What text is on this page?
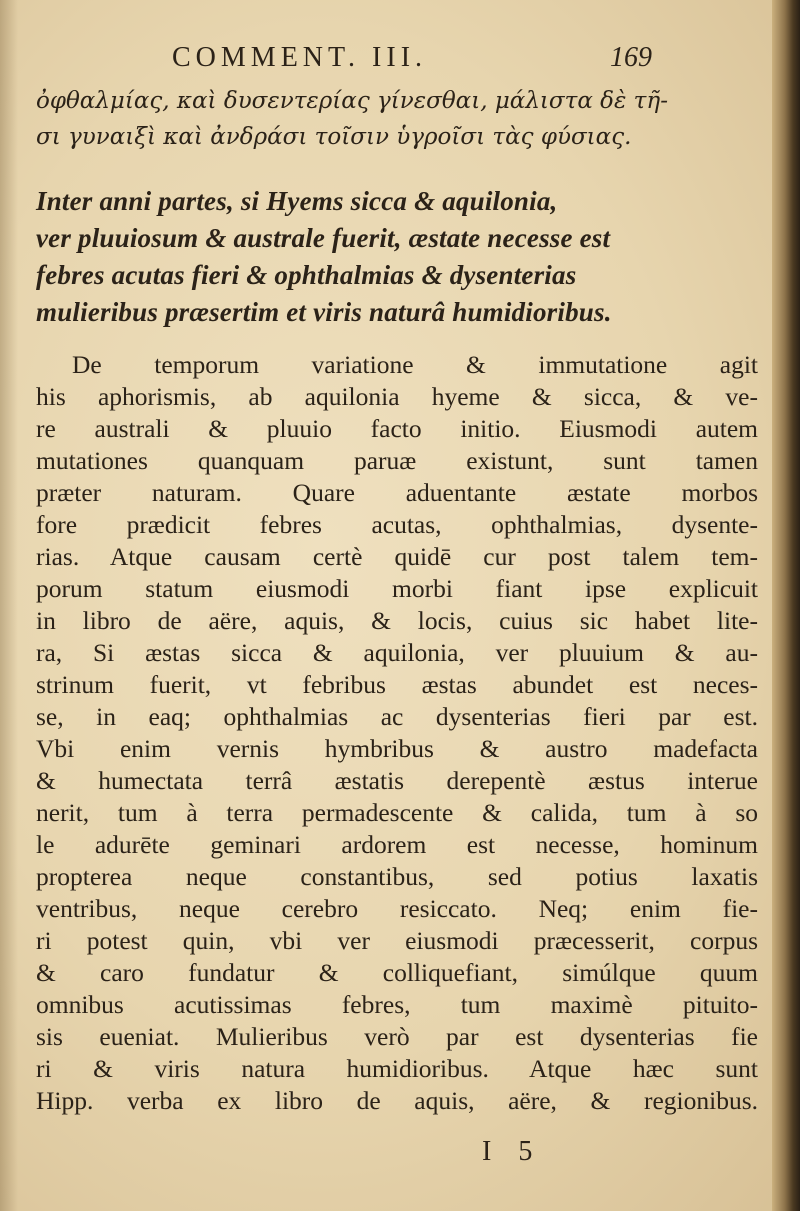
COMMENT. III.	169
ὀφθαλμίας, καὶ δυσεντερίας γίνεσθαι, μάλιστα δὲ τῆ-
σι γυναιξὶ καὶ ἀνδράσι τοῖσιν ὑγροῖσι τὰς φύσιας.
Inter anni partes, si Hyems sicca & aquilonia,
ver pluuiosum & australe fuerit, æstate necesse est
febres acutas fieri & ophthalmias & dysenterias
mulieribus præsertim et viris naturâ humidioribus.
De temporum variatione & immutatione agit
his aphorismis, ab aquilonia hyeme & sicca, & ve-
re australi & pluuio facto initio. Eiusmodi autem
mutationes quanquam paruæ existunt, sunt tamen
præter naturam. Quare aduentante æstate morbos
fore prædicit febres acutas, ophthalmias, dysente-
rias. Atque causam certè quidē cur post talem tem-
porum statum eiusmodi morbi fiant ipse explicuit
in libro de aëre, aquis, & locis, cuius sic habet lite-
ra, Si æstas sicca & aquilonia, ver pluuium & au-
strinum fuerit, vt febribus æstas abundet est neces-
se, in eaq; ophthalmias ac dysenterias fieri par est.
Vbi enim vernis hymbribus & austro madefacta
& humectata terrâ æstatis derepentè æstus interue
nerit, tum à terra permadescente & calida, tum à so
le adurēte geminari ardorem est necesse, hominum
propterea neque constantibus, sed potius laxatis
ventribus, neque cerebro resiccato. Neq; enim fie-
ri potest quin, vbi ver eiusmodi præcesserit, corpus
& caro fundatur & colliquefiant, simúlque quum
omnibus acutissimas febres, tum maximè pituito-
sis eueniat. Mulieribus verò par est dysenterias fie
ri & viris natura humidioribus. Atque hæc sunt
Hipp. verba ex libro de aquis, aëre, & regionibus.
I 5
